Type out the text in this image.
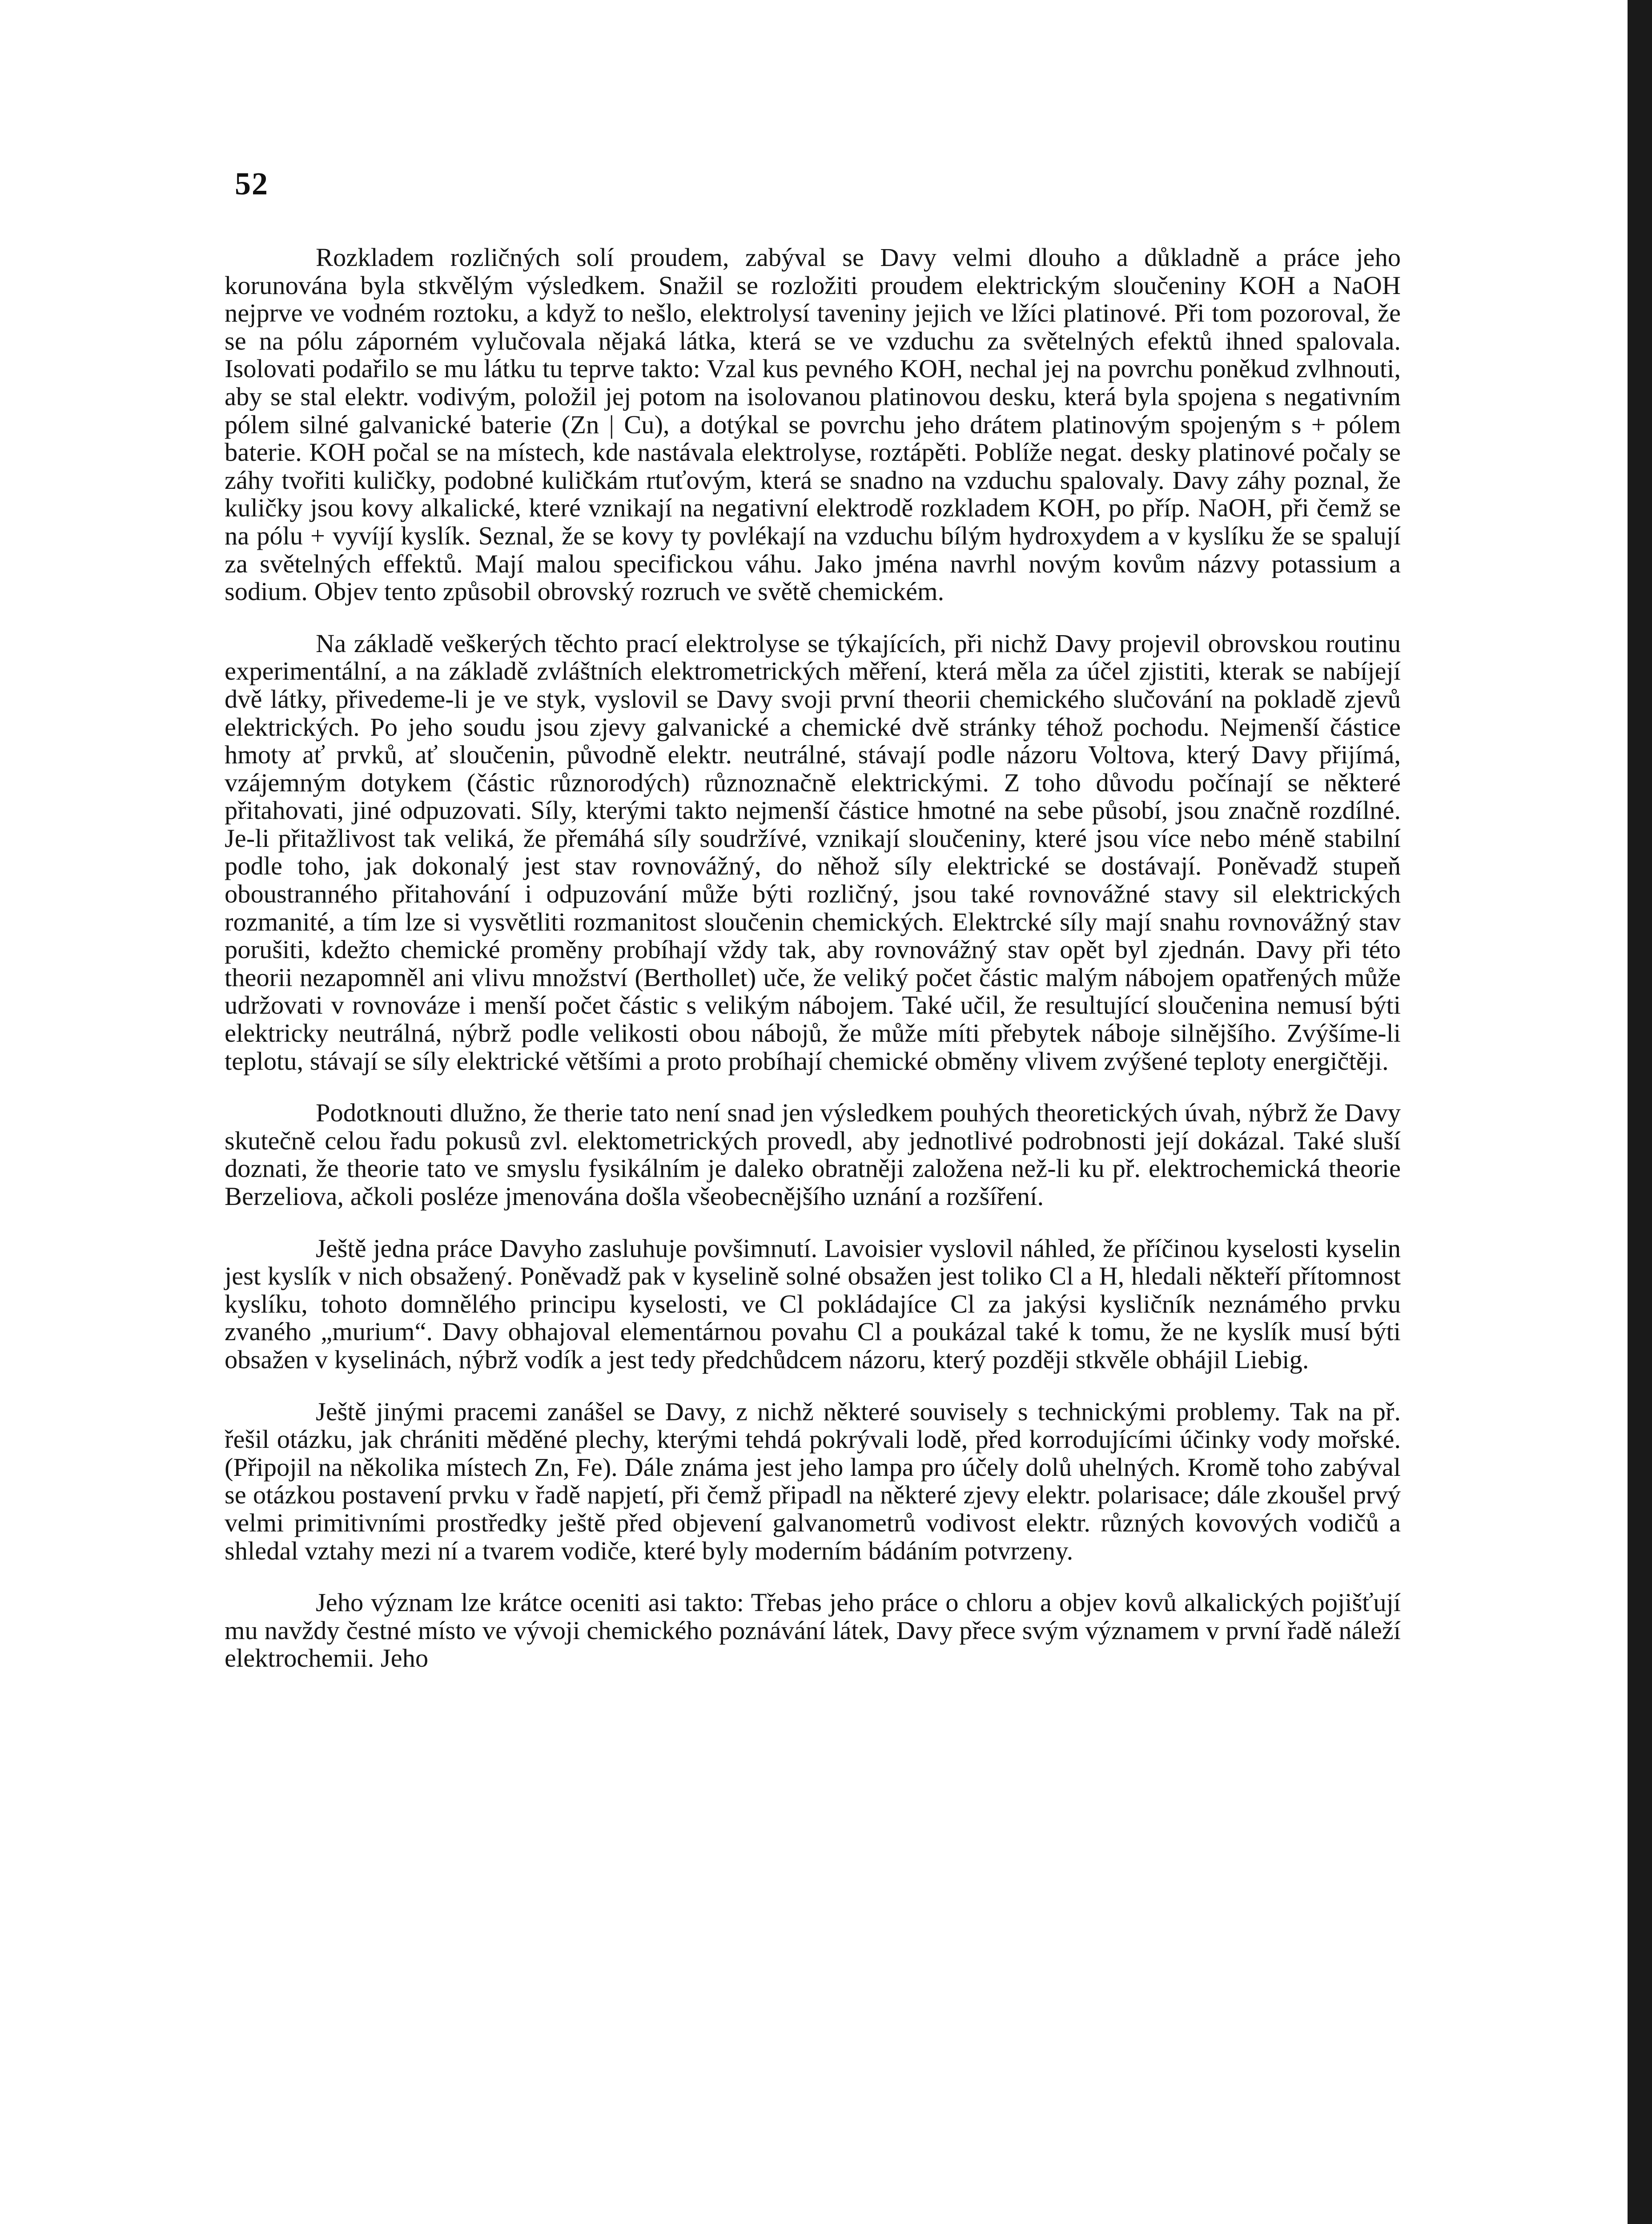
52

Rozkladem rozličných solí proudem, zabýval se Davy velmi dlouho a důkladně a práce jeho korunována byla stkvělým výsledkem. Snažil se rozložiti proudem elektrickým sloučeniny KOH a NaOH nejprve ve vodném roztoku, a když to nešlo, elektrolysí taveniny jejich ve lžíci platinové. Při tom pozoroval, že se na pólu záporném vylučovala nějaká látka, která se ve vzduchu za světelných efektů ihned spalovala. Isolovati podařilo se mu látku tu teprve takto: Vzal kus pevného KOH, nechal jej na povrchu poněkud zvlhnouti, aby se stal elektr. vodivým, položil jej potom na isolovanou platinovou desku, která byla spojena s negativním pólem silné galvanické baterie (Zn | Cu), a dotýkal se povrchu jeho drátem platinovým spojeným s + pólem baterie. KOH počal se na místech, kde nastávala elektrolyse, roztápěti. Poblíže negat. desky platinové počaly se záhy tvořiti kuličky, podobné kuličkám rtuťovým, která se snadno na vzduchu spalovaly. Davy záhy poznal, že kuličky jsou kovy alkalické, které vznikají na negativní elektrodě rozkladem KOH, po příp. NaOH, při čemž se na pólu + vyvíjí kyslík. Seznal, že se kovy ty povlékají na vzduchu bílým hydroxydem a v kyslíku že se spalují za světelných effektů. Mají malou specifickou váhu. Jako jména navrhl novým kovům názvy potassium a sodium. Objev tento způsobil obrovský rozruch ve světě chemickém.

Na základě veškerých těchto prací elektrolyse se týkajících, při nichž Davy projevil obrovskou routinu experimentální, a na základě zvláštních elektrometrických měření, která měla za účel zjistiti, kterak se nabíjejí dvě látky, přivedeme-li je ve styk, vyslovil se Davy svoji první theorii chemického slučování na pokladě zjevů elektrických. Po jeho soudu jsou zjevy galvanické a chemické dvě stránky téhož pochodu. Nejmenší částice hmoty ať prvků, ať sloučenin, původně elektr. neutrálné, stávají podle názoru Voltova, který Davy přijímá, vzájemným dotykem (částic různorodých) různoznačně elektrickými. Z toho důvodu počínají se některé přitahovati, jiné odpuzovati. Síly, kterými takto nejmenší částice hmotné na sebe působí, jsou značně rozdílné. Je-li přitažlivost tak veliká, že přemáhá síly soudržívé, vznikají sloučeniny, které jsou více nebo méně stabilní podle toho, jak dokonalý jest stav rovnovážný, do něhož síly elektrické se dostávají. Poněvadž stupeň oboustranného přitahování i odpuzování může býti rozličný, jsou také rovnovážné stavy sil elektrických rozmanité, a tím lze si vysvětliti rozmanitost sloučenin chemických. Elektrcké síly mají snahu rovnovážný stav porušiti, kdežto chemické proměny probíhají vždy tak, aby rovnovážný stav opět byl zjednán. Davy při této theorii nezapomněl ani vlivu množství (Berthollet) uče, že veliký počet částic malým nábojem opatřených může udržovati v rovnováze i menší počet částic s velikým nábojem. Také učil, že resultující sloučenina nemusí býti elektricky neutrálná, nýbrž podle velikosti obou nábojů, že může míti přebytek náboje silnějšího. Zvýšíme-li teplotu, stávají se síly elektrické většími a proto probíhají chemické obměny vlivem zvýšené teploty energičtěji.

Podotknouti dlužno, že therie tato není snad jen výsledkem pouhých theoretických úvah, nýbrž že Davy skutečně celou řadu pokusů zvl. elektometrických provedl, aby jednotlivé podrobnosti její dokázal. Také sluší doznati, že theorie tato ve smyslu fysikálním je daleko obratněji založena než-li ku př. elektrochemická theorie Berzeliova, ačkoli posléze jmenována došla všeobecnějšího uznání a rozšíření.

Ještě jedna práce Davyho zasluhuje povšimnutí. Lavoisier vyslovil náhled, že příčinou kyselosti kyselin jest kyslík v nich obsažený. Poněvadž pak v kyselině solné obsažen jest toliko Cl a H, hledali někteří přítomnost kyslíku, tohoto domnělého principu kyselosti, ve Cl pokládajíce Cl za jakýsi kysličník neznámého prvku zvaného „murium“. Davy obhajoval elementárnou povahu Cl a poukázal také k tomu, že ne kyslík musí býti obsažen v kyselinách, nýbrž vodík a jest tedy předchůdcem názoru, který později stkvěle obhájil Liebig.

Ještě jinými pracemi zanášel se Davy, z nichž některé souvisely s technickými problemy. Tak na př. řešil otázku, jak chrániti měděné plechy, kterými tehdá pokrývali lodě, před korrodujícími účinky vody mořské. (Připojil na několika místech Zn, Fe). Dále známa jest jeho lampa pro účely dolů uhelných. Kromě toho zabýval se otázkou postavení prvku v řadě napjetí, při čemž připadl na některé zjevy elektr. polarisace; dále zkoušel prvý velmi primitivními prostředky ještě před objevení galvanometrů vodivost elektr. různých kovových vodičů a shledal vztahy mezi ní a tvarem vodiče, které byly moderním bádáním potvrzeny.

Jeho význam lze krátce oceniti asi takto: Třebas jeho práce o chloru a objev kovů alkalických pojišťují mu navždy čestné místo ve vývoji chemického poznávání látek, Davy přece svým významem v první řadě náleží elektrochemii. Jeho
